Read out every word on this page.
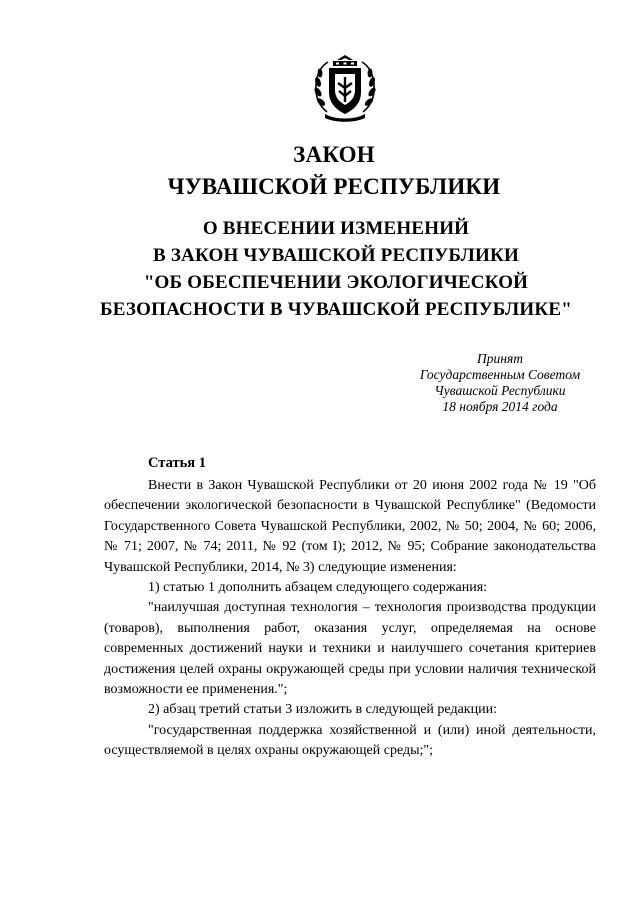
ЗАКОН
ЧУВАШСКОЙ РЕСПУБЛИКИ
О ВНЕСЕНИИ ИЗМЕНЕНИЙ
В ЗАКОН ЧУВАШСКОЙ РЕСПУБЛИКИ
"ОБ ОБЕСПЕЧЕНИИ ЭКОЛОГИЧЕСКОЙ
БЕЗОПАСНОСТИ В ЧУВАШСКОЙ РЕСПУБЛИКЕ"
Принят
Государственным Советом
Чувашской Республики
18 ноября 2014 года
Статья 1

Внести в Закон Чувашской Республики от 20 июня 2002 года № 19 "Об обеспечении экологической безопасности в Чувашской Республике" (Ведомости Государственного Совета Чувашской Республики, 2002, № 50; 2004, № 60; 2006, № 71; 2007, № 74; 2011, № 92 (том I); 2012, № 95; Собрание законодательства Чувашской Республики, 2014, № 3) следующие изменения:

1) статью 1 дополнить абзацем следующего содержания:

"наилучшая доступная технология – технология производства продукции (товаров), выполнения работ, оказания услуг, определяемая на основе современных достижений науки и техники и наилучшего сочетания критериев достижения целей охраны окружающей среды при условии наличия технической возможности ее применения.";

2) абзац третий статьи 3 изложить в следующей редакции:

"государственная поддержка хозяйственной и (или) иной деятельности, осуществляемой в целях охраны окружающей среды;";
